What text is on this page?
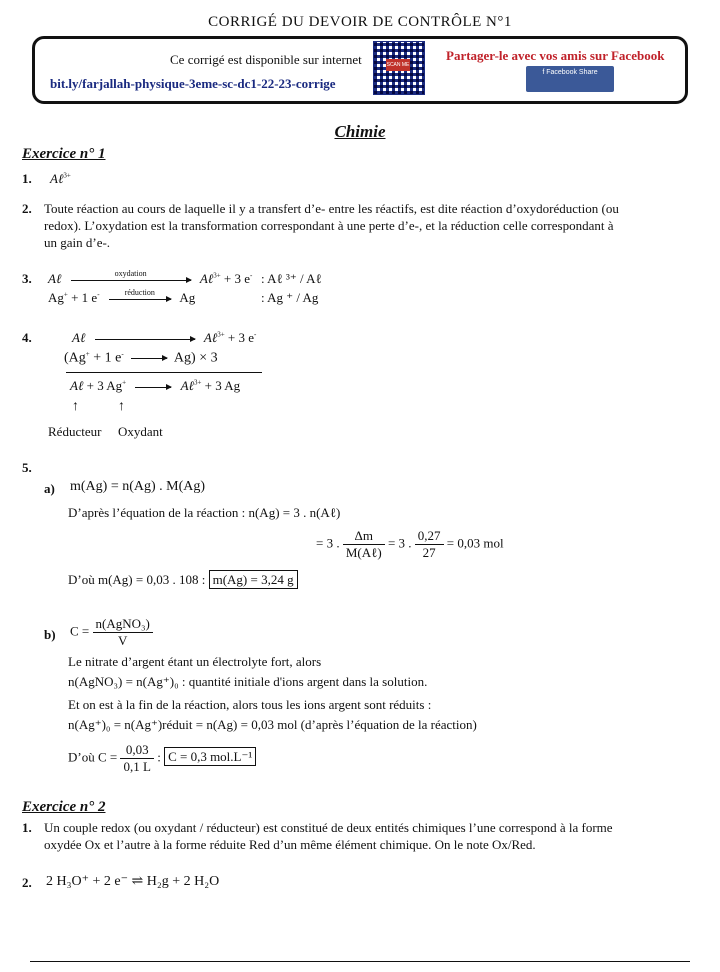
CORRIGÉ DU DEVOIR DE CONTRÔLE N°1
Ce corrigé est disponible sur internet
bit.ly/farjallah-physique-3eme-sc-dc1-22-23-corrige
SCAN ME
Partager-le avec vos amis sur Facebook
f Facebook Share
Chimie
Exercice n° 1
1. Aℓ$^{3+}$
2. Toute réaction au cours de laquelle il y a transfert d’e- entre les réactifs, est dite réaction d’oxydoréduction (ou
redox). L’oxydation est la transformation correspondant à une perte d’e-, et la réduction celle correspondant à
un gain d’e-.
3. Aℓ	oxydation	Aℓ$^{3+}$ + 3 e- : Aℓ ³⁺ / Aℓ
Ag+ + 1 e-	réduction	Ag	: Ag ⁺ / Ag
4.	Aℓ	Aℓ$^{3+}$ + 3 e-
(Ag+ + 1 e-	Ag) × 3
Aℓ + 3 Ag+	Aℓ$^{3+}$ + 3 Ag
↑	↑
Réducteur Oxydant
5.
a) m(Ag) = n(Ag) . M(Ag)
D’après l’équation de la réaction : n(Ag) = 3 . n(Aℓ)
= 3 . $\frac{\Delta m}{\text{M(Aℓ)}} = 3$ . $\frac{0,27}{27} = 0,03$ mol
D’où m(Ag) = 0,03 . 108 : m(Ag) = 3,24 g
b) $C = \frac{\text{n(AgNO₃)}}{V}$
Le nitrate d’argent étant un électrolyte fort, alors
n(AgNO₃) = n(Ag⁺)₀ : quantité initiale d'ions argent dans la solution.
Et on est à la fin de la réaction, alors tous les ions argent sont réduits :
n(Ag⁺)₀ = n(Ag⁺)réduit = n(Ag) = 0,03 mol (d’après l’équation de la réaction)
D’où $C = \frac{0,03}{0,1 L}$ : C = 0,3 mol.L⁻¹
Exercice n° 2
1. Un couple redox (ou oxydant / réducteur) est constitué de deux entités chimiques l’une correspond à la forme
oxydée Ox et l’autre à la forme réduite Red d’un même élément chimique. On le note Ox/Red.
2. 2 H₃O⁺ + 2 e⁻ ⇌ H₂g + 2 H₂O
